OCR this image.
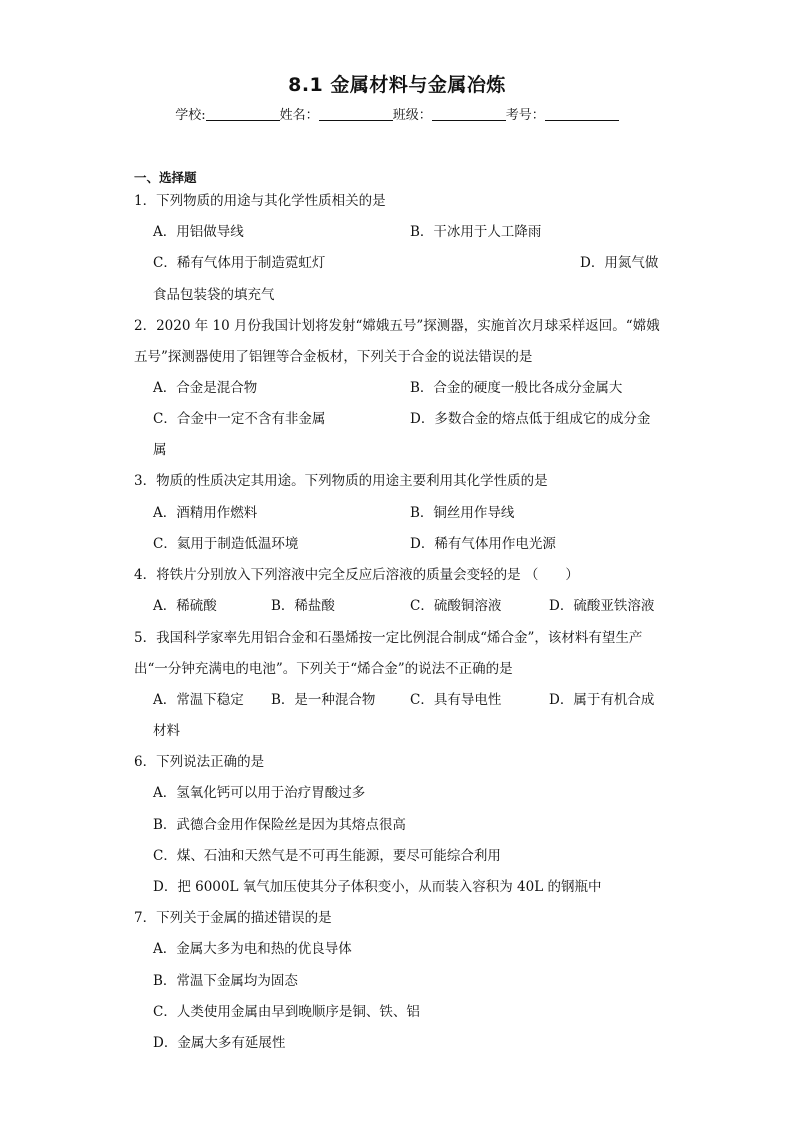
8.1 金属材料与金属冶炼
学校:	姓名：	班级：	考号：
一、选择题
1．下列物质的用途与其化学性质相关的是
A．用铝做导线	B．干冰用于人工降雨
C．稀有气体用于制造霓虹灯	D．用氮气做
食品包装袋的填充气
2．2020 年 10 月份我国计划将发射“嫦娥五号”探测器，实施首次月球采样返回。“嫦娥
五号”探测器使用了铝锂等合金板材，下列关于合金的说法错误的是
A．合金是混合物	B．合金的硬度一般比各成分金属大
C．合金中一定不含有非金属	D．多数合金的熔点低于组成它的成分金
属
3．物质的性质决定其用途。下列物质的用途主要利用其化学性质的是
A．酒精用作燃料	B．铜丝用作导线
C．氦用于制造低温环境	D．稀有气体用作电光源
4．将铁片分别放入下列溶液中完全反应后溶液的质量会变轻的是 （　　）
A．稀硫酸	B．稀盐酸	C．硫酸铜溶液	D．硫酸亚铁溶液
5．我国科学家率先用铝合金和石墨烯按一定比例混合制成“烯合金”，该材料有望生产
出“一分钟充满电的电池”。下列关于“烯合金”的说法不正确的是
A．常温下稳定 B．是一种混合物	C．具有导电性	D．属于有机合成
材料
6．下列说法正确的是
A．氢氧化钙可以用于治疗胃酸过多
B．武德合金用作保险丝是因为其熔点很高
C．煤、石油和天然气是不可再生能源，要尽可能综合利用
D．把 6000L 氧气加压使其分子体积变小，从而装入容积为 40L 的钢瓶中
7．下列关于金属的描述错误的是
A．金属大多为电和热的优良导体
B．常温下金属均为固态
C．人类使用金属由早到晚顺序是铜、铁、铝
D．金属大多有延展性
